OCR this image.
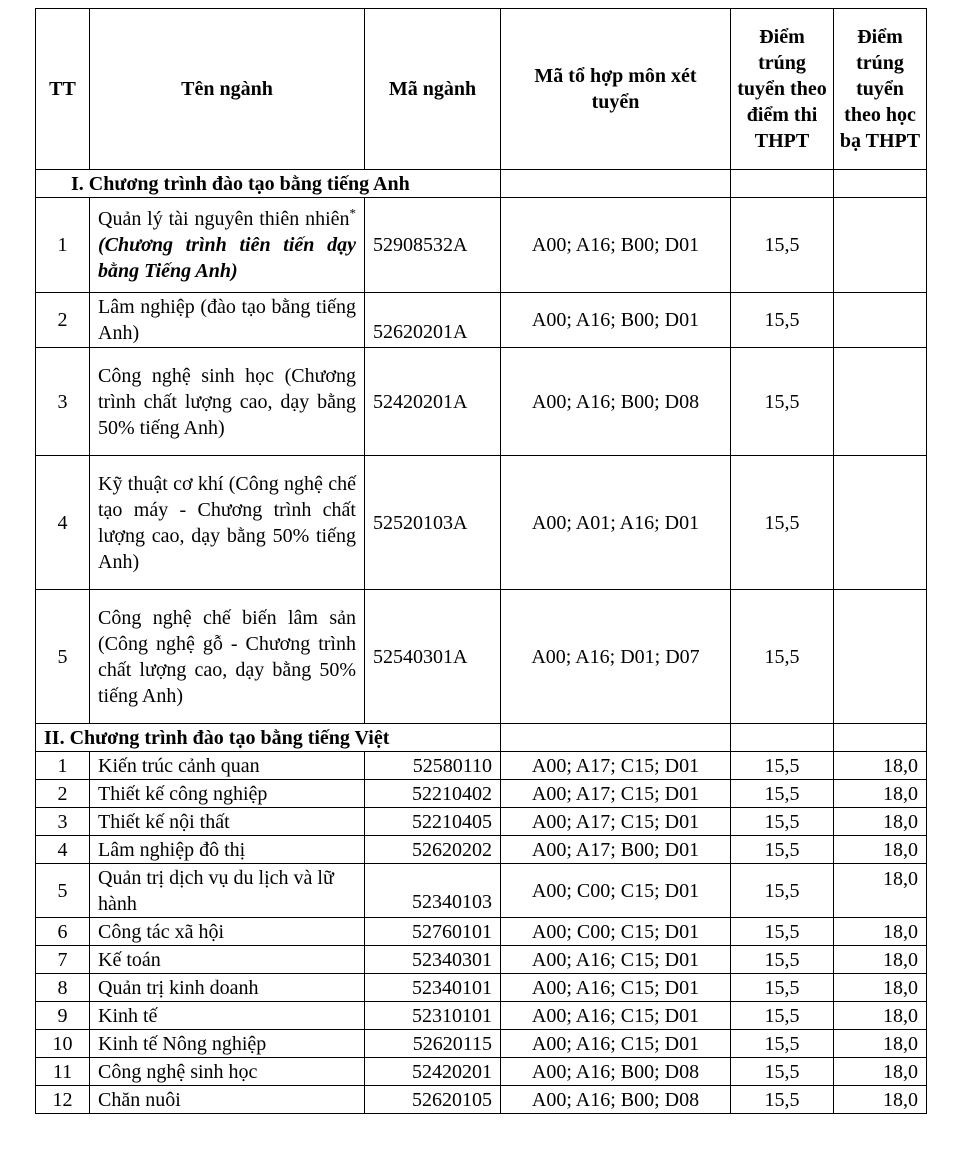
TT	Tên ngành	Mã ngành	Mã tổ hợp môn xét tuyển	Điểm trúng tuyển theo điểm thi THPT	Điểm trúng tuyển theo học bạ THPT
I. Chương trình đào tạo bằng tiếng Anh					
1	Quản lý tài nguyên thiên nhiên*(Chương trình tiên tiến dạy bằng Tiếng Anh)	52908532A	A00; A16; B00; D01	15,5	
2	Lâm nghiệp (đào tạo bằng tiếng Anh)	52620201A	A00; A16; B00; D01	15,5	
3	Công nghệ sinh học (Chương trình chất lượng cao, dạy bằng 50% tiếng Anh)	52420201A	A00; A16; B00; D08	15,5	
4	Kỹ thuật cơ khí (Công nghệ chế tạo máy - Chương trình chất lượng cao, dạy bằng 50% tiếng Anh)	52520103A	A00; A01; A16; D01	15,5	
5	Công nghệ chế biến lâm sản (Công nghệ gỗ - Chương trình chất lượng cao, dạy bằng 50% tiếng Anh)	52540301A	A00; A16; D01; D07	15,5	
II. Chương trình đào tạo bằng tiếng Việt					
1	Kiến trúc cảnh quan	52580110	A00; A17; C15; D01	15,5	18,0
2	Thiết kế công nghiệp	52210402	A00; A17; C15; D01	15,5	18,0
3	Thiết kế nội thất	52210405	A00; A17; C15; D01	15,5	18,0
4	Lâm nghiệp đô thị	52620202	A00; A17; B00; D01	15,5	18,0
5	Quản trị dịch vụ du lịch và lữ hành	52340103	A00; C00; C15; D01	15,5	18,0
6	Công tác xã hội	52760101	A00; C00; C15; D01	15,5	18,0
7	Kế toán	52340301	A00; A16; C15; D01	15,5	18,0
8	Quản trị kinh doanh	52340101	A00; A16; C15; D01	15,5	18,0
9	Kinh tế	52310101	A00; A16; C15; D01	15,5	18,0
10	Kinh tế Nông nghiệp	52620115	A00; A16; C15; D01	15,5	18,0
11	Công nghệ sinh học	52420201	A00; A16; B00; D08	15,5	18,0
12	Chăn nuôi	52620105	A00; A16; B00; D08	15,5	18,0
